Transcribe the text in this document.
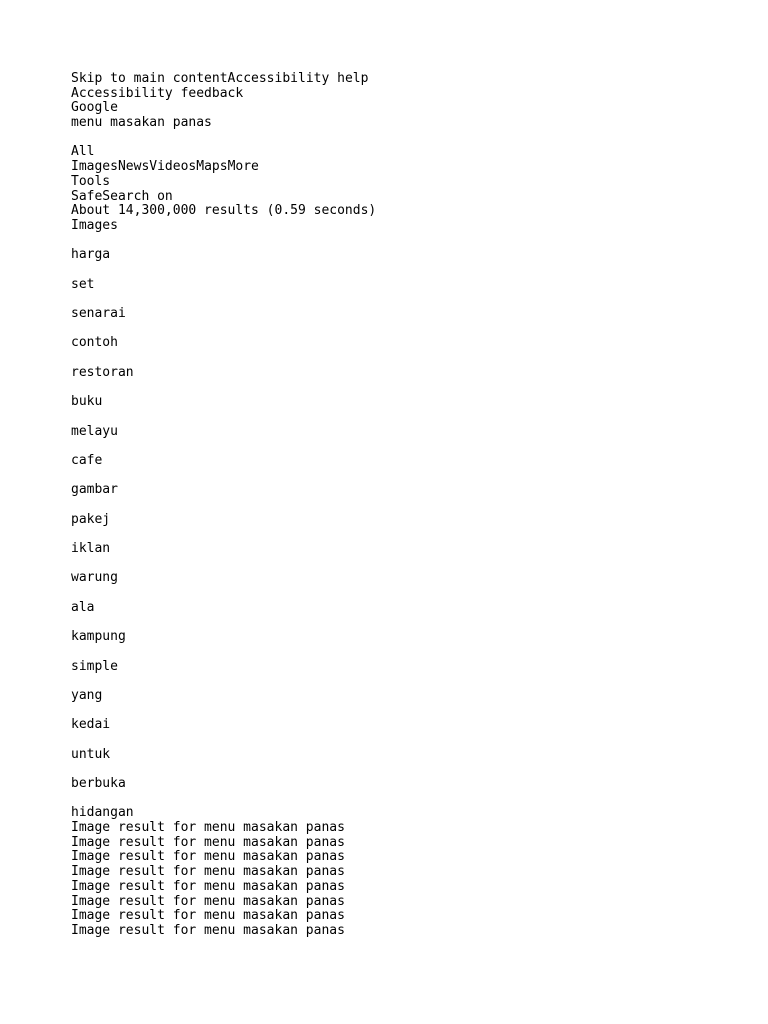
Skip to main contentAccessibility help
Accessibility feedback
Google
menu masakan panas
All
ImagesNewsVideosMapsMore
Tools
SafeSearch on
About 14,300,000 results (0.59 seconds)
Images
harga
set
senarai
contoh
restoran
buku
melayu
cafe
gambar
pakej
iklan
warung
ala
kampung
simple
yang
kedai
untuk
berbuka
hidangan
Image result for menu masakan panas
Image result for menu masakan panas
Image result for menu masakan panas
Image result for menu masakan panas
Image result for menu masakan panas
Image result for menu masakan panas
Image result for menu masakan panas
Image result for menu masakan panas
